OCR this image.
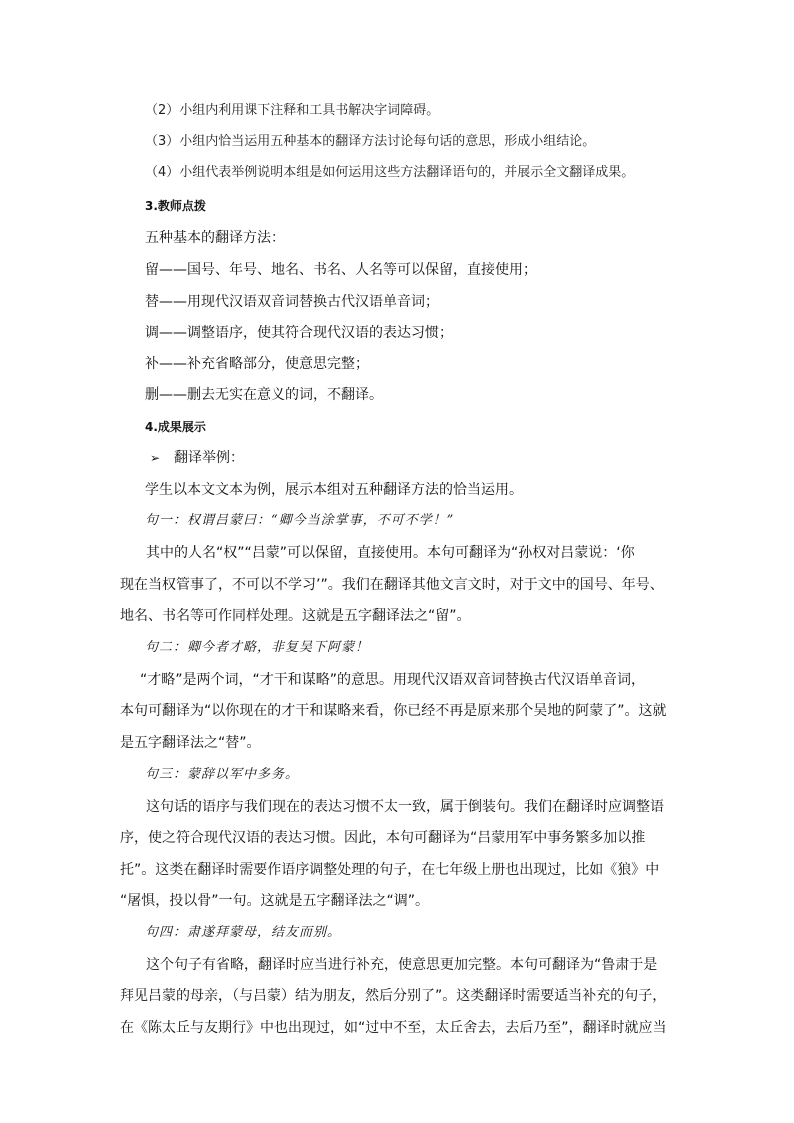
（2）小组内利用课下注释和工具书解决字词障碍。
（3）小组内恰当运用五种基本的翻译方法讨论每句话的意思，形成小组结论。
（4）小组代表举例说明本组是如何运用这些方法翻译语句的，并展示全文翻译成果。
3.教师点拨
五种基本的翻译方法：
留——国号、年号、地名、书名、人名等可以保留，直接使用；
替——用现代汉语双音词替换古代汉语单音词；
调——调整语序，使其符合现代汉语的表达习惯；
补——补充省略部分，使意思完整；
删——删去无实在意义的词，不翻译。
4.成果展示
➢ 翻译举例：
学生以本文文本为例，展示本组对五种翻译方法的恰当运用。
句一：权谓吕蒙曰：“卿今当涂掌事，不可不学！”
其中的人名“权”“吕蒙”可以保留，直接使用。本句可翻译为“孙权对吕蒙说：‘你
现在当权管事了，不可以不学习’”。我们在翻译其他文言文时，对于文中的国号、年号、
地名、书名等可作同样处理。这就是五字翻译法之“留”。
句二：卿今者才略，非复吴下阿蒙！
“才略”是两个词，“才干和谋略”的意思。用现代汉语双音词替换古代汉语单音词，
本句可翻译为“以你现在的才干和谋略来看，你已经不再是原来那个吴地的阿蒙了”。这就
是五字翻译法之“替”。
句三：蒙辞以军中多务。
这句话的语序与我们现在的表达习惯不太一致，属于倒装句。我们在翻译时应调整语
序，使之符合现代汉语的表达习惯。因此，本句可翻译为“吕蒙用军中事务繁多加以推
托”。这类在翻译时需要作语序调整处理的句子，在七年级上册也出现过，比如《狼》中
“屠惧，投以骨”一句。这就是五字翻译法之“调”。
句四：肃遂拜蒙母，结友而别。
这个句子有省略，翻译时应当进行补充，使意思更加完整。本句可翻译为“鲁肃于是
拜见吕蒙的母亲，（与吕蒙）结为朋友，然后分别了”。这类翻译时需要适当补充的句子，
在《陈太丘与友期行》中也出现过，如“过中不至，太丘舍去，去后乃至”，翻译时就应当
